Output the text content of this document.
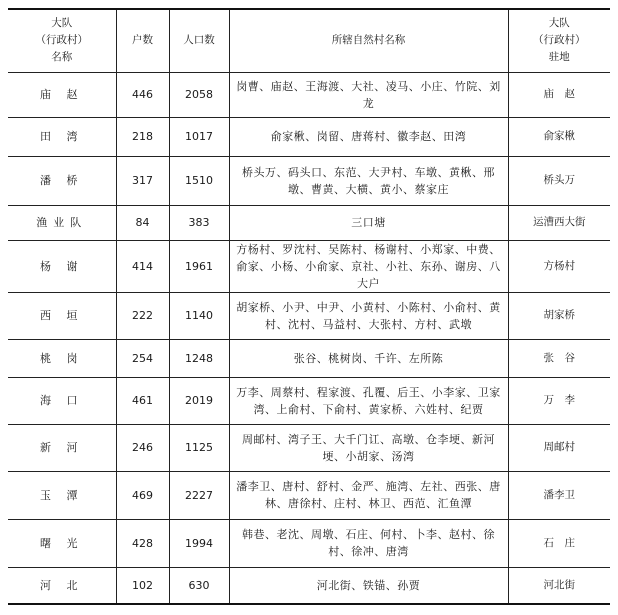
大队
（行政村）
名称	户数	人口数	所辖自然村名称	大队
（行政村）
驻地

庙 赵	446	2058	岗曹、庙赵、王海渡、大社、凌马、小庄、竹院、刘龙	庙　赵
田 湾	218	1017	俞家楸、岗留、唐蒋村、徽李赵、田湾	俞家楸
潘 桥	317	1510	桥头万、码头口、东范、大尹村、车墩、黄楸、邢墩、曹黄、大横、黄小、蔡家庄	桥头万
渔业队	84	383	三口塘	运漕西大街
杨 谢	414	1961	方杨村、罗沈村、吴陈村、杨谢村、小郑家、中费、俞家、小杨、小俞家、京社、小社、东孙、谢房、八大户	方杨村
西 垣	222	1140	胡家桥、小尹、中尹、小黄村、小陈村、小俞村、黄村、沈村、马益村、大张村、方村、武墩	胡家桥
桃 岗	254	1248	张谷、桃树岗、千许、左所陈	张　谷
海 口	461	2019	万李、周蔡村、程家渡、孔覆、后王、小李家、卫家湾、上俞村、下俞村、黄家桥、六姓村、纪贾	万　李
新 河	246	1125	周邮村、湾子王、大千门讧、高墩、仓李埂、新河埂、小胡家、汤湾	周邮村
玉 潭	469	2227	潘李卫、唐村、舒村、金严、施湾、左社、西张、唐林、唐徐村、庄村、林卫、西范、汇鱼潭	潘李卫
曙 光	428	1994	韩巷、老沈、周墩、石庄、何村、卜李、赵村、徐村、徐冲、唐湾	石　庄
河 北	102	630	河北街、铁锚、孙贾	河北街
